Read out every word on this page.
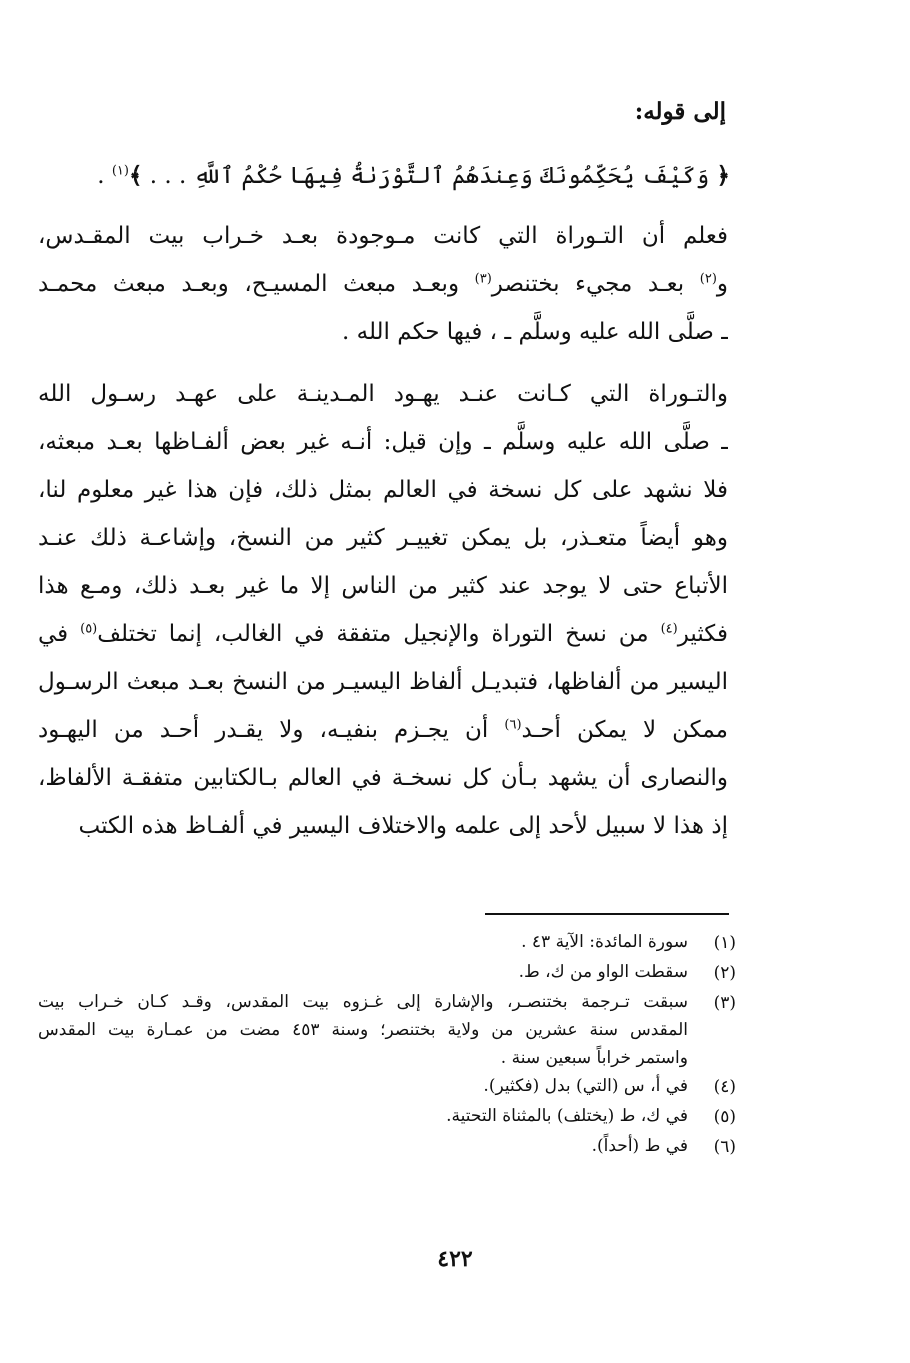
إلى قوله:
﴿ وَكَيْفَ يُحَكِّمُونَكَ وَعِندَهُمُ ٱلتَّوْرَىٰةُ فِيهَا حُكْمُ ٱللَّهِ . . . ﴾$^{(١)}$ .
فعلم أن التـوراة التي كانت مـوجودة بعـد خـراب بيت المقـدس،
و$^{(٢)}$ بعـد مجيء بختنصر$^{(٣)}$ وبعـد مبعث المسيـح، وبعـد مبعث محمـد
ـ صلَّى الله عليه وسلَّم ـ ، فيها حكم الله .
والتـوراة التي كـانت عنـد يهـود المـدينـة على عهـد رسـول الله
ـ صلَّى الله عليه وسلَّم ـ وإن قيل: أنـه غير بعض ألفـاظها بعـد مبعثه،
فلا نشهد على كل نسخة في العالم بمثل ذلك، فإن هذا غير معلوم لنا،
وهو أيضاً متعـذر، بل يمكن تغييـر كثير من النسخ، وإشاعـة ذلك عنـد
الأتباع حتى لا يوجد عند كثير من الناس إلا ما غير بعـد ذلك، ومـع هذا
فكثير$^{(٤)}$ من نسخ التوراة والإنجيل متفقة في الغالب، إنما تختلف$^{(٥)}$ في
اليسير من ألفاظها، فتبديـل ألفاظ اليسيـر من النسخ بعـد مبعث الرسـول
ممكن لا يمكن أحـد$^{(٦)}$ أن يجـزم بنفيـه، ولا يقـدر أحـد من اليهـود
والنصارى أن يشهد بـأن كل نسخـة في العالم بـالكتابين متفقـة الألفاظ،
إذ هذا لا سبيل لأحد إلى علمه والاختلاف اليسير في ألفـاظ هذه الكتب
(١)
سورة المائدة: الآية ٤٣ .
(٢)
سقطت الواو من ك، ط.
(٣)
سبقت تـرجمة بختنصـر، والإشارة إلى غـزوه بيت المقدس، وقـد كـان خـراب بيت
المقدس سنة عشرين من ولاية بختنصر؛ وسنة ٤٥٣ مضت من عمـارة بيت المقدس
واستمر خراباً سبعين سنة .
(٤)
في أ، س (التي) بدل (فكثير).
(٥)
في ك، ط (يختلف) بالمثناة التحتية.
(٦)
في ط (أحداً).
٤٢٢
